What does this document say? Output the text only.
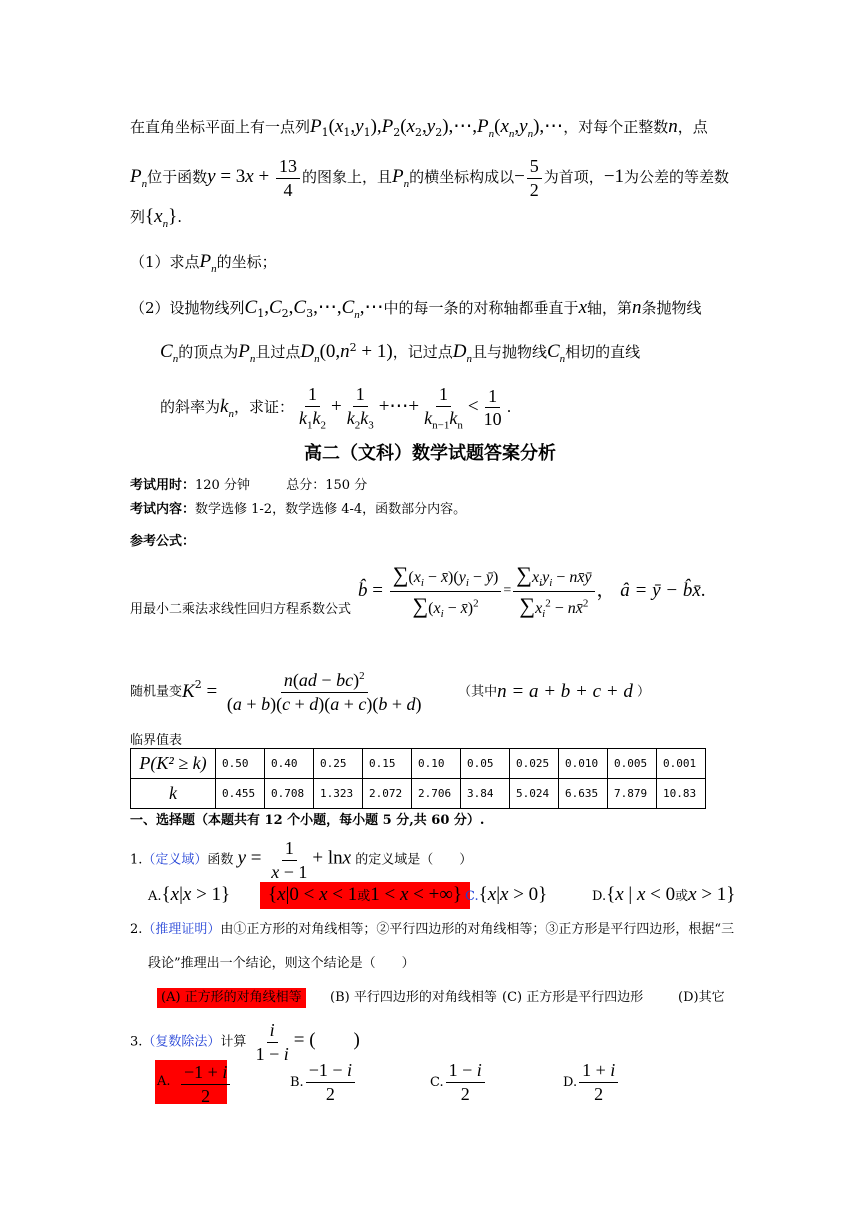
在直角坐标平面上有一点列$P_1(x_1,y_1),P_2(x_2,y_2),\cdots,P_n(x_n,y_n),\cdots$，对每个正整数n，点
$P_n$位于函数$y = 3x + \frac{13}{4}$ 的图象上，且$P_n$的横坐标构成以− $\frac{5}{2}$ 为首项，−1为公差的等差数
列$\{x_n\}$.
（1）求点$P_n$的坐标；
（2）设抛物线列$C_1,C_2,C_3,\cdots,C_n,\cdots$中的每一条的对称轴都垂直于x轴，第n条抛物线
$C_n$的顶点为$P_n$且过点$D_n(0,n^2 + 1)$，记过点$D_n$且与抛物线$C_n$相切的直线
的斜率为$k_n$，求证： $\frac{1}{k_1k_2} + \frac{1}{k_2k_3}$ +⋯+ $\frac{1}{k_{n-1}k_n} < \frac{1}{10}$ .
高二（文科）数学试题答案分析
考试用时：120 分钟	总分：150 分
考试内容：数学选修 1-2，数学选修 4-4，函数部分内容。
参考公式：
用最小二乘法求线性回归方程系数公式
b̂ = $\frac{\sum(x_i - x̄)(y_i - ȳ)}{\sum(x_i - x̄)^2} = \frac{\sum x_iy_i - nx̄ȳ}{\sum x_i^2 - nx̄^2}$ ， â = ȳ − b̂x̄.
随机量变$K^2 = \frac{n(ad - bc)^2}{(a + b)(c + d)(a + c)(b + d)}$	（其中n = a + b + c + d ）
临界值表
P(K² ≥ k)	0.50	0.40	0.25	0.15	0.10	0.05	0.025	0.010	0.005	0.001
k	0.455	0.708	1.323	2.072	2.706	3.84	5.024	6.635	7.879	10.83
一、选择题（本题共有 12 个小题，每小题 5 分,共 60 分）.
1.（定义域）函数 $y = \frac{1}{x - 1} + \ln x$ 的定义域是（　　）
A.{x|x > 1}	{x|0 < x < 1或1 < x < +∞} C.{x|x > 0}	D.{x | x < 0或x > 1}
2.（推理证明）由①正方形的对角线相等；②平行四边形的对角线相等；③正方形是平行四边形，根据“三
段论”推理出一个结论，则这个结论是（　　）
(A) 正方形的对角线相等	(B) 平行四边形的对角线相等 (C) 正方形是平行四边形	(D)其它
3.（复数除法）计算 $\frac{i}{1 - i}$ = (　　)
A. $\frac{-1 + i}{2}$	B. $\frac{-1 - i}{2}$	C. $\frac{1 - i}{2}$	D. $\frac{1 + i}{2}$
